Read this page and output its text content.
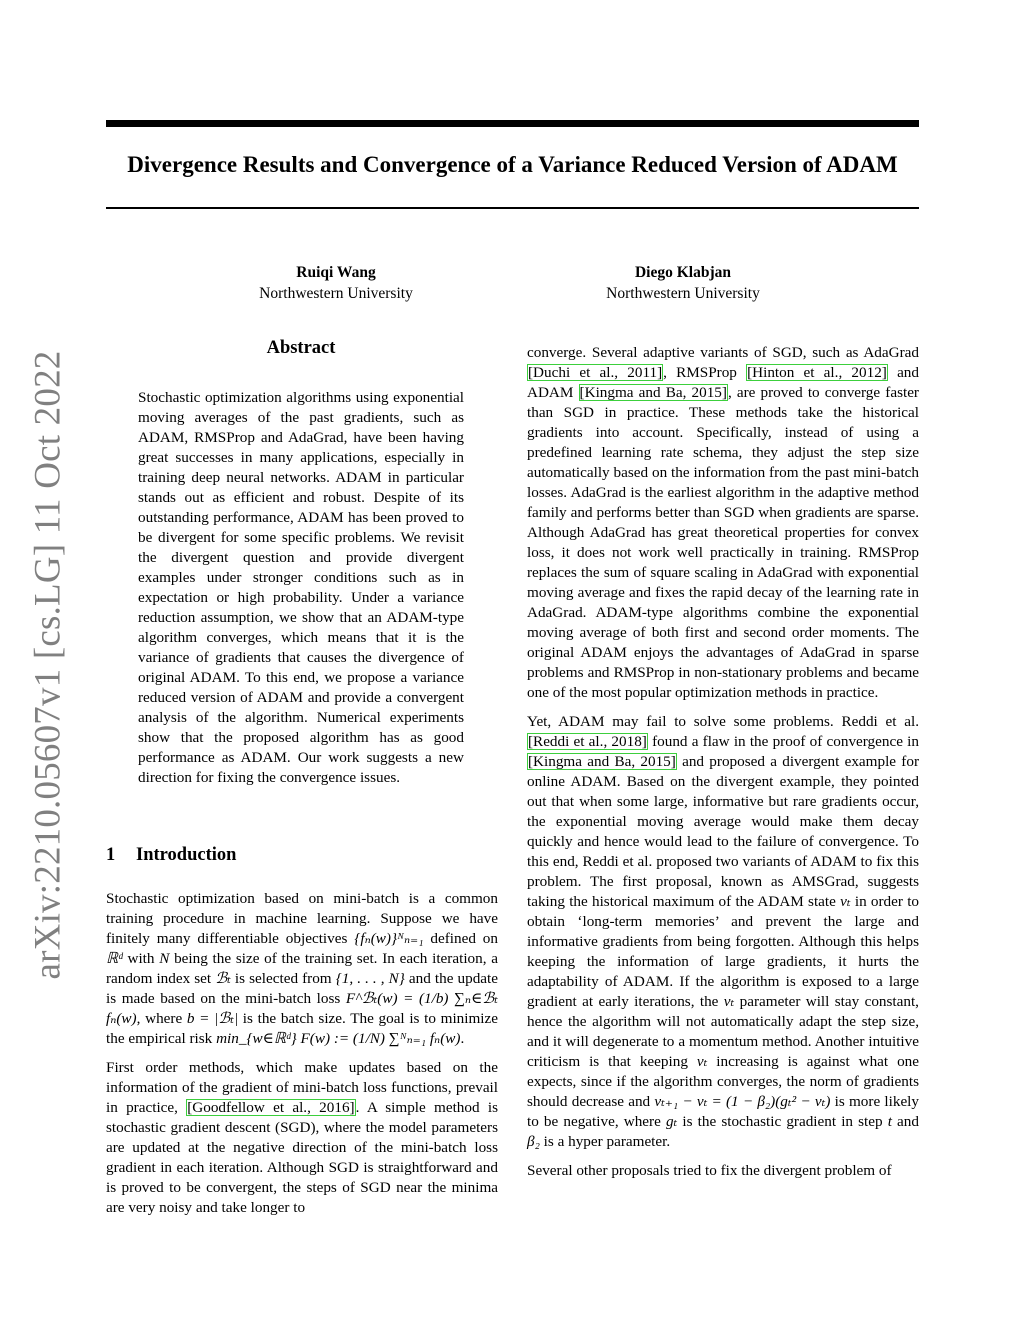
Divergence Results and Convergence of a Variance Reduced Version of ADAM
Ruiqi Wang
Northwestern University
Diego Klabjan
Northwestern University
arXiv:2210.05607v1 [cs.LG] 11 Oct 2022
Abstract

Stochastic optimization algorithms using exponential moving averages of the past gradients, such as ADAM, RMSProp and AdaGrad, have been having great successes in many applications, especially in training deep neural networks. ADAM in particular stands out as efficient and robust. Despite of its outstanding performance, ADAM has been proved to be divergent for some specific problems. We revisit the divergent question and provide divergent examples under stronger conditions such as in expectation or high probability. Under a variance reduction assumption, we show that an ADAM-type algorithm converges, which means that it is the variance of gradients that causes the divergence of original ADAM. To this end, we propose a variance reduced version of ADAM and provide a convergent analysis of the algorithm. Numerical experiments show that the proposed algorithm has as good performance as ADAM. Our work suggests a new direction for fixing the convergence issues.

1 Introduction

Stochastic optimization based on mini-batch is a common training procedure in machine learning. Suppose we have finitely many differentiable objectives {fₙ(w)}ᴺₙ₌₁ defined on ℝᵈ with N being the size of the training set. In each iteration, a random index set ℬₜ is selected from {1, . . . , N} and the update is made based on the mini-batch loss F^ℬₜ(w) = (1/b) ∑ₙ∈ℬₜ fₙ(w), where b = |ℬₜ| is the batch size. The goal is to minimize the empirical risk min_{w∈ℝᵈ} F(w) := (1/N) ∑ᴺₙ₌₁ fₙ(w).

First order methods, which make updates based on the information of the gradient of mini-batch loss functions, prevail in practice, [Goodfellow et al., 2016]. A simple method is stochastic gradient descent (SGD), where the model parameters are updated at the negative direction of the mini-batch loss gradient in each iteration. Although SGD is straightforward and is proved to be convergent, the steps of SGD near the minima are very noisy and take longer to

converge. Several adaptive variants of SGD, such as AdaGrad [Duchi et al., 2011], RMSProp [Hinton et al., 2012] and ADAM [Kingma and Ba, 2015], are proved to converge faster than SGD in practice. These methods take the historical gradients into account. Specifically, instead of using a predefined learning rate schema, they adjust the step size automatically based on the information from the past mini-batch losses. AdaGrad is the earliest algorithm in the adaptive method family and performs better than SGD when gradients are sparse. Although AdaGrad has great theoretical properties for convex loss, it does not work well practically in training. RMSProp replaces the sum of square scaling in AdaGrad with exponential moving average and fixes the rapid decay of the learning rate in AdaGrad. ADAM-type algorithms combine the exponential moving average of both first and second order moments. The original ADAM enjoys the advantages of AdaGrad in sparse problems and RMSProp in non-stationary problems and became one of the most popular optimization methods in practice.

Yet, ADAM may fail to solve some problems. Reddi et al. [Reddi et al., 2018] found a flaw in the proof of convergence in [Kingma and Ba, 2015] and proposed a divergent example for online ADAM. Based on the divergent example, they pointed out that when some large, informative but rare gradients occur, the exponential moving average would make them decay quickly and hence would lead to the failure of convergence. To this end, Reddi et al. proposed two variants of ADAM to fix this problem. The first proposal, known as AMSGrad, suggests taking the historical maximum of the ADAM state vₜ in order to obtain ‘long-term memories’ and prevent the large and informative gradients from being forgotten. Although this helps keeping the information of large gradients, it hurts the adaptability of ADAM. If the algorithm is exposed to a large gradient at early iterations, the vₜ parameter will stay constant, hence the algorithm will not automatically adapt the step size, and it will degenerate to a momentum method. Another intuitive criticism is that keeping vₜ increasing is against what one expects, since if the algorithm converges, the norm of gradients should decrease and vₜ₊₁ − vₜ = (1 − β₂)(gₜ² − vₜ) is more likely to be negative, where gₜ is the stochastic gradient in step t and β₂ is a hyper parameter.

Several other proposals tried to fix the divergent problem of
